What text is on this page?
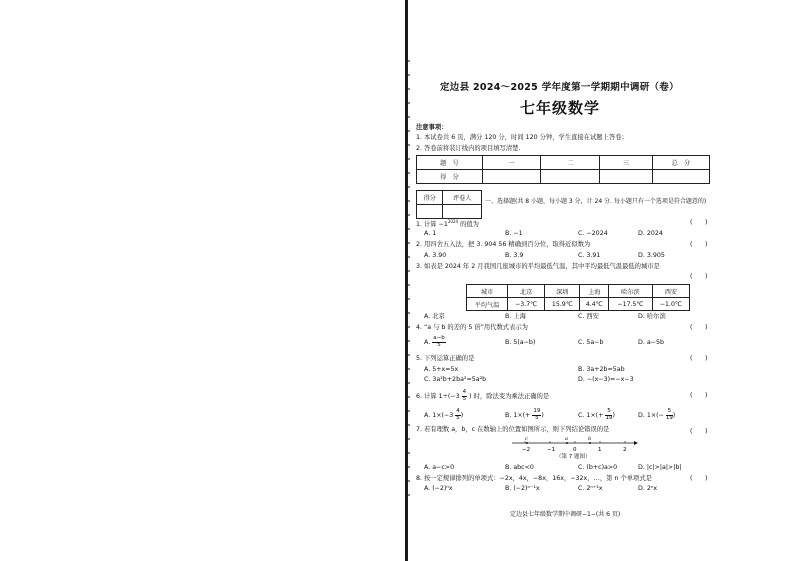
定边县 2024～2025 学年度第一学期期中调研（卷）
七年级数学
注意事项：
1. 本试卷共 6 页，满分 120 分，时间 120 分钟，学生直接在试题上答卷；
2. 答卷前将装订线内的项目填写清楚.
题　号	一	二	三	总　分
得　分				
得分	评卷人
	一、选择题(共 8 小题，每小题 3 分，计 24 分. 每小题只有一个选项是符合题意的)
1. 计算 $-1^{2024}$ 的值为	(　　)
A. 1	B. −1	C. −2024	D. 2024
2. 用四舍五入法，把 3. 904 56 精确到百分位，取得近似数为	(　　)
A. 3.90	B. 3.9	C. 3.91	D. 3.905
3. 如表是 2024 年 2 月我国几座城市的平均最低气温，其中平均最低气温最低的城市是
(　　)
城市	北京	深圳	上海	哈尔滨	西安
平均气温	−3.7℃	15.9℃	4.4℃	−17.5℃	−1.0℃
A. 北京	B. 上海	C. 西安	D. 哈尔滨
4. “a 与 b 的差的 5 倍”用代数式表示为	(　　)
A. $\frac{a-b}{5}$	B. 5(a−b)	C. 5a−b	D. a−5b
5. 下列运算正确的是	(　　)
A. 5+x=5x	B. 3a+2b=5ab
C. 3a²b+2ba²=5a²b	D. −(x−3)=−x−3
6. 计算 $1\div(-3 \frac{4}{5}$ ) 时，除法变为乘法正确的是	(　　)
A. $1\times(-3 \frac{4}{5}$ )	B. $1\times(+ \frac{19}{5}$ )	C. $1\times(+ \frac{5}{19}$ )	D. $1\times(- \frac{5}{19}$ )
7. 若有理数 a，b，c 在数轴上的位置如图所示，则下列结论错误的是	(　　)
−2	−1	0	1	2
c	a	b
（第 7 题图）
A. a−c>0	B. abc<0	C. (b+c)a>0	D. |c|>|a|>|b|
8. 按一定规律排列的单项式：−2x，4x，−8x，16x，−32x，…，第 n 个单项式是	(　　)
A. (−2)ⁿx	B. (−2)ⁿ⁻¹x	C. 2ⁿ⁺¹x	D. 2ⁿx
定边县七年级数学期中调研−1−(共 6 页)
